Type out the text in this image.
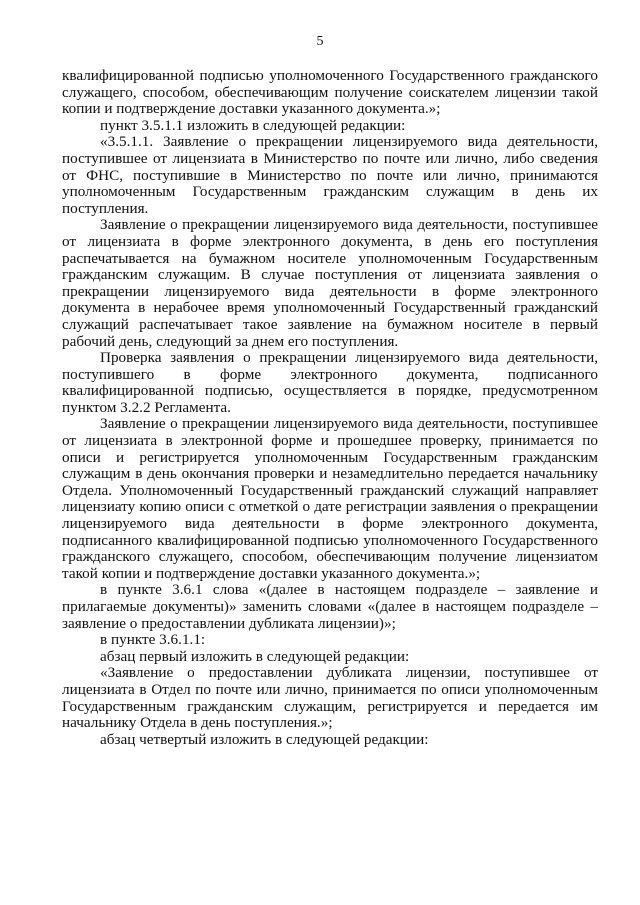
5

квалифицированной подписью уполномоченного Государственного гражданского служащего, способом, обеспечивающим получение соискателем лицензии такой копии и подтверждение доставки указанного документа.»;

пункт 3.5.1.1 изложить в следующей редакции:

«3.5.1.1. Заявление о прекращении лицензируемого вида деятельности, поступившее от лицензиата в Министерство по почте или лично, либо сведения от ФНС, поступившие в Министерство по почте или лично, принимаются уполномоченным Государственным гражданским служащим в день их поступления.

Заявление о прекращении лицензируемого вида деятельности, поступившее от лицензиата в форме электронного документа, в день его поступления распечатывается на бумажном носителе уполномоченным Государственным гражданским служащим. В случае поступления от лицензиата заявления о прекращении лицензируемого вида деятельности в форме электронного документа в нерабочее время уполномоченный Государственный гражданский служащий распечатывает такое заявление на бумажном носителе в первый рабочий день, следующий за днем его поступления.

Проверка заявления о прекращении лицензируемого вида деятельности, поступившего в форме электронного документа, подписанного квалифицированной подписью, осуществляется в порядке, предусмотренном пунктом 3.2.2 Регламента.

Заявление о прекращении лицензируемого вида деятельности, поступившее от лицензиата в электронной форме и прошедшее проверку, принимается по описи и регистрируется уполномоченным Государственным гражданским служащим в день окончания проверки и незамедлительно передается начальнику Отдела. Уполномоченный Государственный гражданский служащий направляет лицензиату копию описи с отметкой о дате регистрации заявления о прекращении лицензируемого вида деятельности в форме электронного документа, подписанного квалифицированной подписью уполномоченного Государственного гражданского служащего, способом, обеспечивающим получение лицензиатом такой копии и подтверждение доставки указанного документа.»;

в пункте 3.6.1 слова «(далее в настоящем подразделе – заявление и прилагаемые документы)» заменить словами «(далее в настоящем подразделе – заявление о предоставлении дубликата лицензии)»;

в пункте 3.6.1.1:

абзац первый изложить в следующей редакции:

«Заявление о предоставлении дубликата лицензии, поступившее от лицензиата в Отдел по почте или лично, принимается по описи уполномоченным Государственным гражданским служащим, регистрируется и передается им начальнику Отдела в день поступления.»;

абзац четвертый изложить в следующей редакции:
